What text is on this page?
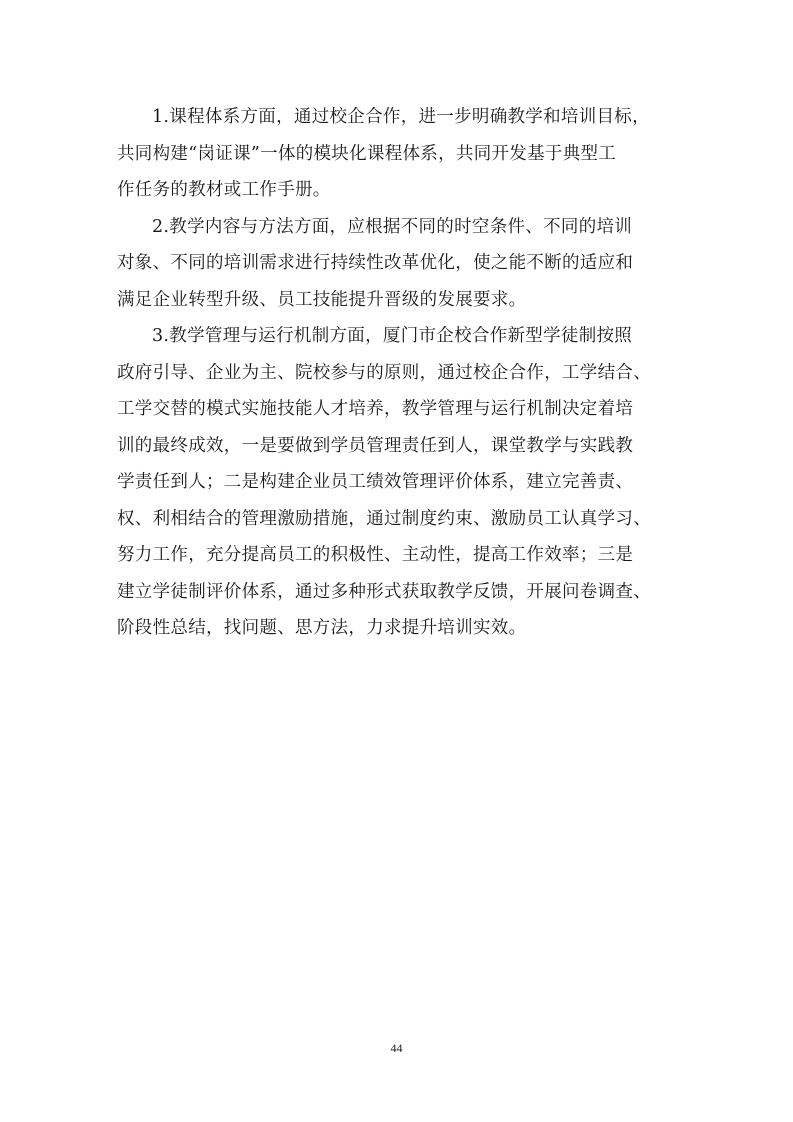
1.课程体系方面，通过校企合作，进一步明确教学和培训目标，
共同构建“岗证课”一体的模块化课程体系，共同开发基于典型工
作任务的教材或工作手册。

2.教学内容与方法方面，应根据不同的时空条件、不同的培训
对象、不同的培训需求进行持续性改革优化，使之能不断的适应和
满足企业转型升级、员工技能提升晋级的发展要求。

3.教学管理与运行机制方面，厦门市企校合作新型学徒制按照
政府引导、企业为主、院校参与的原则，通过校企合作，工学结合、
工学交替的模式实施技能人才培养，教学管理与运行机制决定着培
训的最终成效，一是要做到学员管理责任到人，课堂教学与实践教
学责任到人；二是构建企业员工绩效管理评价体系，建立完善责、
权、利相结合的管理激励措施，通过制度约束、激励员工认真学习、
努力工作，充分提高员工的积极性、主动性，提高工作效率；三是
建立学徒制评价体系，通过多种形式获取教学反馈，开展问卷调查、
阶段性总结，找问题、思方法，力求提升培训实效。

44
